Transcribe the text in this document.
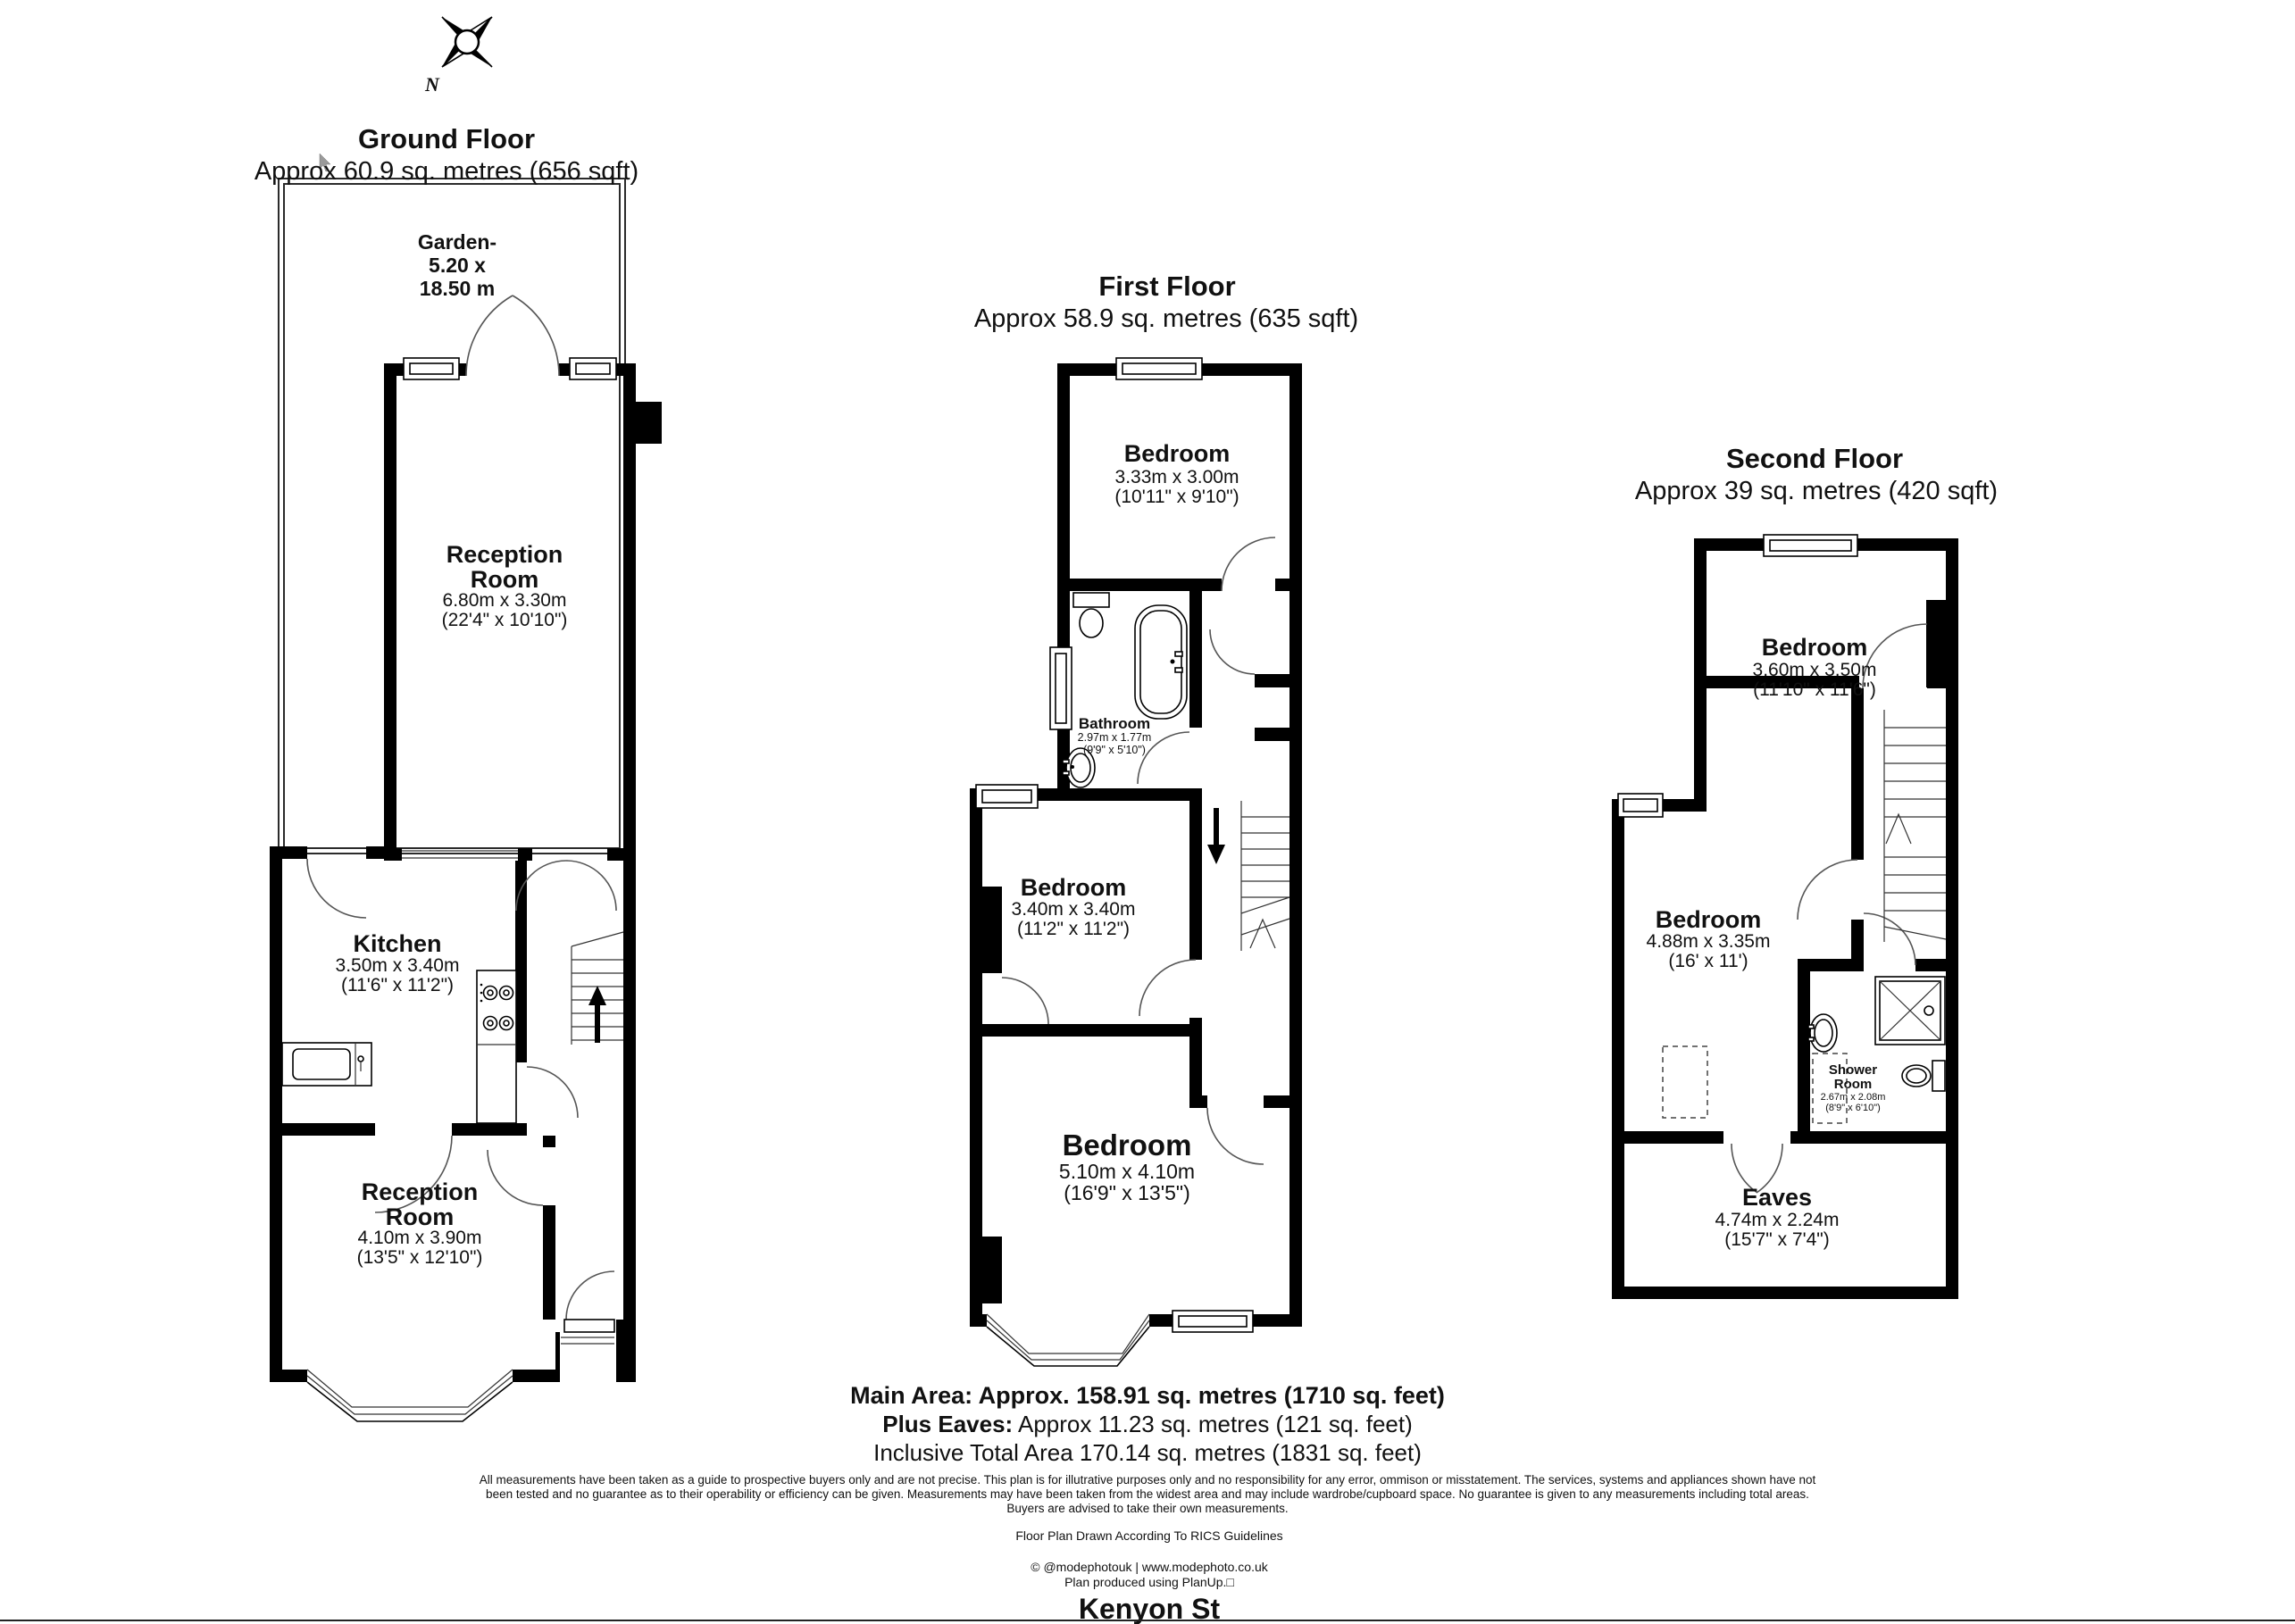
N
Ground Floor
Approx 60.9 sq. metres (656 sqft)
Garden-
5.20 x
18.50 m
Reception
Room
6.80m x 3.30m
(22'4" x 10'10")
Kitchen
3.50m x 3.40m
(11'6" x 11'2")
Reception
Room
4.10m x 3.90m
(13'5" x 12'10")
First Floor
Approx 58.9 sq. metres (635 sqft)
Bedroom
3.33m x 3.00m
(10'11" x 9'10")
Bathroom
2.97m x 1.77m
(9'9" x 5'10")
Bedroom
3.40m x 3.40m
(11'2" x 11'2")
Bedroom
5.10m x 4.10m
(16'9" x 13'5")
Second Floor
Approx 39 sq. metres (420 sqft)
Bedroom
3.60m x 3.50m
(11'10" x 11'6")
Bedroom
4.88m x 3.35m
(16' x 11')
Shower
Room
2.67m x 2.08m
(8'9" x 6'10")
Eaves
4.74m x 2.24m
(15'7" x 7'4")
Main Area: Approx. 158.91 sq. metres (1710 sq. feet)
Plus Eaves: Approx 11.23 sq. metres (121 sq. feet)
Inclusive Total Area 170.14 sq. metres (1831 sq. feet)
All measurements have been taken as a guide to prospective buyers only and are not precise. This plan is for illutrative purposes only and no responsibility for any error, ommison or misstatement. The services, systems and appliances shown have not
been tested and no guarantee as to their operability or efficiency can be given. Measurements may have been taken from the widest area and may include wardrobe/cupboard space. No guarantee is given to any measurements including total areas.
Buyers are advised to take their own measurements.
Floor Plan Drawn According To RICS Guidelines
© @modephotouk | www.modephoto.co.uk
Plan produced using PlanUp.□
Kenyon St
